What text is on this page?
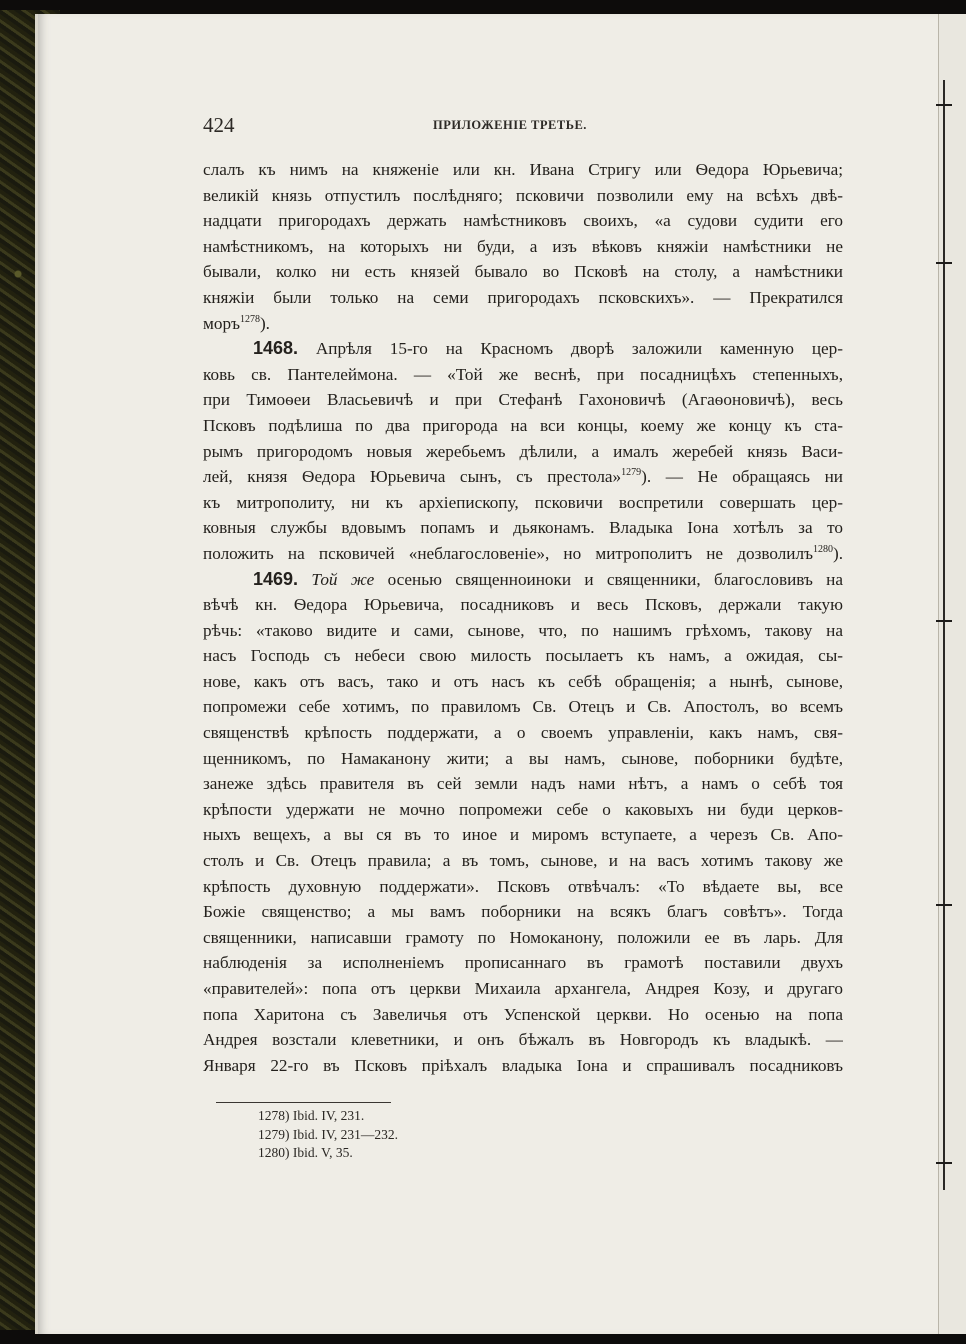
424	ПРИЛОЖЕНІЕ ТРЕТЬЕ.
слалъ къ нимъ на княженіе или кн. Ивана Стригу или Ѳедора Юрьевича;
великій князь отпустилъ послѣдняго; псковичи позволили ему на всѣхъ двѣ-
надцати пригородахъ держать намѣстниковъ своихъ, «а судови судити его
намѣстникомъ, на которыхъ ни буди, а изъ вѣковъ княжіи намѣстники не
бывали, колко ни есть князей бывало во Псковѣ на столу, а намѣстники
княжіи были только на семи пригородахъ псковскихъ». — Прекратился
моръ$^{1278}$).
1468. Апрѣля 15-го на Красномъ дворѣ заложили каменную цер-
ковь св. Пантелеймона. — «Той же веснѣ, при посадницѣхъ степенныхъ,
при Тимоѳеи Власьевичѣ и при Стефанѣ Гахоновичѣ (Агаѳоновичѣ), весь
Псковъ подѣлиша по два пригорода на вси концы, коему же концу къ ста-
рымъ пригородомъ новыя жеребьемъ дѣлили, а ималъ жеребей князь Васи-
лей, князя Ѳедора Юрьевича сынъ, съ престола»$^{1279}$). — Не обращаясь ни
къ митрополиту, ни къ архіепископу, псковичи воспретили совершать цер-
ковныя службы вдовымъ попамъ и дьяконамъ. Владыка Іона хотѣлъ за то
положить на псковичей «неблагословеніе», но митрополитъ не дозволилъ$^{1280}$).
1469. Той же осенью священноиноки и священники, благословивъ на
вѣчѣ кн. Ѳедора Юрьевича, посадниковъ и весь Псковъ, держали такую
рѣчь: «таково видите и сами, сынове, что, по нашимъ грѣхомъ, такову на
насъ Господь съ небеси свою милость посылаетъ къ намъ, а ожидая, сы-
нове, какъ отъ васъ, тако и отъ насъ къ себѣ обращенія; а нынѣ, сынове,
попромежи себе хотимъ, по правиломъ Св. Отецъ и Св. Апостолъ, во всемъ
священствѣ крѣпость поддержати, а о своемъ управленіи, какъ намъ, свя-
щенникомъ, по Намаканону жити; а вы намъ, сынове, поборники будѣте,
занеже здѣсь правителя въ сей земли надъ нами нѣтъ, а намъ о себѣ тоя
крѣпости удержати не мочно попромежи себе о каковыхъ ни буди церков-
ныхъ вещехъ, а вы ся въ то иное и миромъ вступаете, а черезъ Св. Апо-
столъ и Св. Отецъ правила; а въ томъ, сынове, и на васъ хотимъ такову же
крѣпость духовную поддержати». Псковъ отвѣчалъ: «То вѣдаете вы, все
Божіе священство; а мы вамъ поборники на всякъ благъ совѣтъ». Тогда
священники, написавши грамоту по Номоканону, положили ее въ ларь. Для
наблюденія за исполненіемъ прописаннаго въ грамотѣ поставили двухъ
«правителей»: попа отъ церкви Михаила архангела, Андрея Козу, и другаго
попа Харитона съ Завеличья отъ Успенской церкви. Но осенью на попа
Андрея возстали клеветники, и онъ бѣжалъ въ Новгородъ къ владыкѣ. —
Января 22-го въ Псковъ пріѣхалъ владыка Іона и спрашивалъ посадниковъ
1278) Ibid. IV, 231.
1279) Ibid. IV, 231—232.
1280) Ibid. V, 35.
